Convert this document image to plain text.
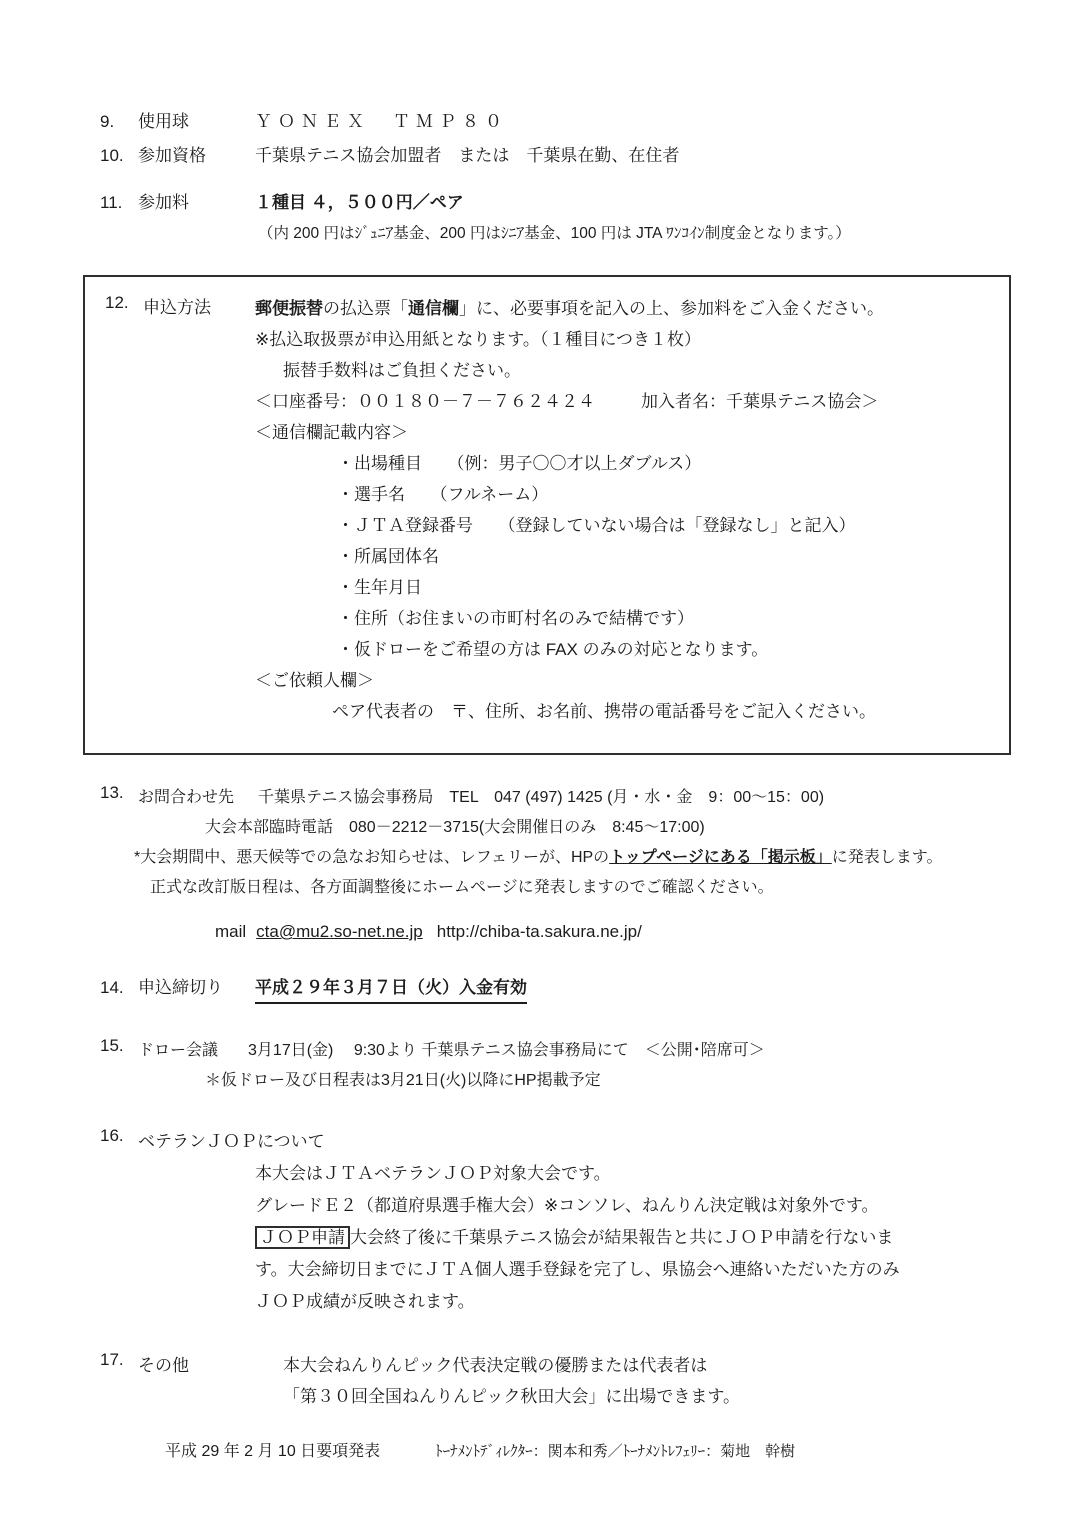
9.	使用球	ＹＯＮＥＸ　ＴＭＰ８０
10. 参加資格	千葉県テニス協会加盟者　または　千葉県在勤、在住者
11. 参加料	１種目 ４，５００円／ペア
（内 200 円はｼﾞｭﾆｱ基金、200 円はｼﾆｱ基金、100 円は JTA ﾜﾝｺｲﾝ制度金となります。）
12. 申込方法	郵便振替の払込票「通信欄」に、必要事項を記入の上、参加料をご入金ください。
※払込取扱票が申込用紙となります。（１種目につき１枚）
振替手数料はご負担ください。
＜口座番号：００１８０－７－７６２４２４	加入者名：千葉県テニス協会＞
＜通信欄記載内容＞
・出場種目　　（例：男子〇〇才以上ダブルス）
・選手名　　（フルネーム）
・ＪＴＡ登録番号　　（登録していない場合は「登録なし」と記入）
・所属団体名
・生年月日
・住所（お住まいの市町村名のみで結構です）
・仮ドローをご希望の方は FAX のみの対応となります。
＜ご依頼人欄＞
ペア代表者の　〒、住所、お名前、携帯の電話番号をご記入ください。
13. お問合わせ先 千葉県テニス協会事務局　TEL　047 (497) 1425 (月・水・金　9：00～15：00)
大会本部臨時電話　080－2212－3715(大会開催日のみ　8:45～17:00)
*大会期間中、悪天候等での急なお知らせは、レフェリーが、HPのトップページにある「掲示板」に発表します。
正式な改訂版日程は、各方面調整後にホームページに発表しますのでご確認ください。
mail cta@mu2.so-net.ne.jp http://chiba-ta.sakura.ne.jp/
14. 申込締切り 平成２９年３月７日（火）入金有効
15. ドロー会議 3月17日(金)　 9:30より 千葉県テニス協会事務局にて　＜公開･陪席可＞
＊仮ドロー及び日程表は3月21日(火)以降にHP掲載予定
16. ベテランＪＯＰについて
本大会はＪＴＡベテランＪＯＰ対象大会です。
グレードＥ２（都道府県選手権大会）※コンソレ、ねんりん決定戦は対象外です。
ＪＯＰ申請 大会終了後に千葉県テニス協会が結果報告と共にＪＯＰ申請を行ないま
す。大会締切日までにＪＴＡ個人選手登録を完了し、県協会へ連絡いただいた方のみ
ＪＯＰ成績が反映されます。
17. その他	本大会ねんりんピック代表決定戦の優勝または代表者は
「第３０回全国ねんりんピック秋田大会」に出場できます。
平成 29 年 2 月 10 日要項発表	ﾄｰﾅﾒﾝﾄﾃﾞｨﾚｸﾀｰ：関本和秀／ﾄｰﾅﾒﾝﾄﾚﾌｪﾘｰ：菊地　幹樹
